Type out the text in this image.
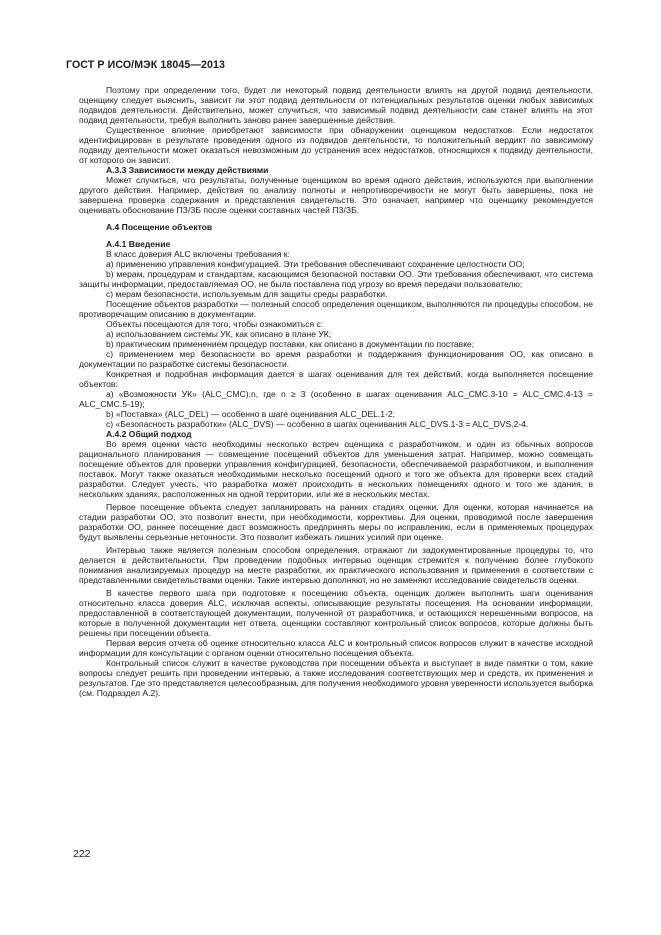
ГОСТ Р ИСО/МЭК 18045—2013

Поэтому при определении того, будет ли некоторый подвид деятельности влиять на другой подвид деятельности, оценщику следует выяснить, зависит ли этот подвид деятельности от потенциальных результатов оценки любых зависимых подвидов деятельности. Действительно, может случиться, что зависимый подвид деятельности сам станет влиять на этот подвид деятельности, требуя выполнить заново ранее завершенные действия.

Существенное влияние приобретают зависимости при обнаружении оценщиком недостатков. Если недостаток идентифицирован в результате проведения одного из подвидов деятельности, то положительный вердикт по зависимому подвиду деятельности может оказаться невозможным до устранения всех недостатков, относящихся к подвиду деятельности, от которого он зависит.

А.3.3 Зависимости между действиями

Может случиться, что результаты, полученные оценщиком во время одного действия, используются при выполнении другого действия. Например, действия по анализу полноты и непротиворечивости не могут быть завершены, пока не завершена проверка содержания и представления свидетельств. Это означает, например что оценщику рекомендуется оценивать обоснование ПЗ/ЗБ после оценки составных частей ПЗ/ЗБ.

А.4 Посещение объектов
А.4.1 Введение

В класс доверия ALC включены требования к:

a) применению управления конфигурацией. Эти требования обеспечивают сохранение целостности ОО;

b) мерам, процедурам и стандартам, касающимся безопасной поставки ОО. Эти требования обеспечивают, что система защиты информации, предоставляемая ОО, не была поставлена под угрозу во время передачи пользователю;

c) мерам безопасности, используемым для защиты среды разработки.

Посещение объектов разработки — полезный способ определения оценщиком, выполняются ли процедуры способом, не противоречащим описанию в документации.

Объекты посещаются для того, чтобы ознакомиться с:

a) использованием системы УК, как описано в плане УК;

b) практическим применением процедур поставки, как описано в документации по поставке;

c) применением мер безопасности во время разработки и поддержания функционирования ОО, как описано в документации по разработке системы безопасности.

Конкретная и подробная информация дается в шагах оценивания для тех действий, когда выполняется посещение объектов:

a) «Возможности УК» (ALC_CMC).n, где n ≥ 3 (особенно в шагах оценивания ALC_CMC.3-10 = ALC_CMC.4-13 = ALC_CMC.5-19);

b) «Поставка» (ALC_DEL) — особенно в шаге оценивания ALC_DEL.1-2;

c) «Безопасность разработки» (ALC_DVS) — особенно в шагах оценивания ALC_DVS.1-3 = ALC_DVS.2-4.

А.4.2 Общий подход

Во время оценки часто необходимы несколько встреч оценщика с разработчиком, и один из обычных вопросов рационального планирования — совмещение посещений объектов для уменьшения затрат. Например, можно совмещать посещение объектов для проверки управления конфигурацией, безопасности, обеспечиваемой разработчиком, и выполнения поставок. Могут также оказаться необходимыми несколько посещений одного и того же объекта для проверки всех стадий разработки. Следует учесть, что разработка может происходить в нескольких помещениях одного и того же здания, в нескольких зданиях, расположенных на одной территории, или же в нескольких местах.

Первое посещение объекта следует запланировать на ранних стадиях оценки. Для оценки, которая начинается на стадии разработки ОО, это позволит внести, при необходимости, коррективы. Для оценки, проводимой после завершения разработки ОО, раннее посещение даст возможность предпринять меры по исправлению, если в применяемых процедурах будут выявлены серьезные неточности. Это позволит избежать лишних усилий при оценке.

Интервью также является полезным способом определения, отражают ли задокументированные процедуры то, что делается в действительности. При проведении подобных интервью оценщик стремится к получению более глубокого понимания анализируемых процедур на месте разработки, их практического использования и применения в соответствии с представленными свидетельствами оценки. Такие интервью дополняют, но не заменяют исследование свидетельств оценки.

В качестве первого шага при подготовке к посещению объекта, оценщик должен выполнить шаги оценивания относительно класса доверия ALC, исключая аспекты, описывающие результаты посещения. На основании информации, предоставленной в соответствующей документации, полученной от разработчика, и остающихся нерешенными вопросов, на которые в полученной документации нет ответа, оценщики составляют контрольный список вопросов, которые должны быть решены при посещении объекта.

Первая версия отчета об оценке относительно класса ALC и контрольный список вопросов служит в качестве исходной информации для консультации с органом оценки относительно посещения объекта.

Контрольный список служит в качестве руководства при посещении объекта и выступает в виде памятки о том, какие вопросы следует решить при проведении интервью, а также исследования соответствующих мер и средств, их применения и результатов. Где это представляется целесообразным, для получения необходимого уровня уверенности используется выборка (см. Подраздел А.2).

222
